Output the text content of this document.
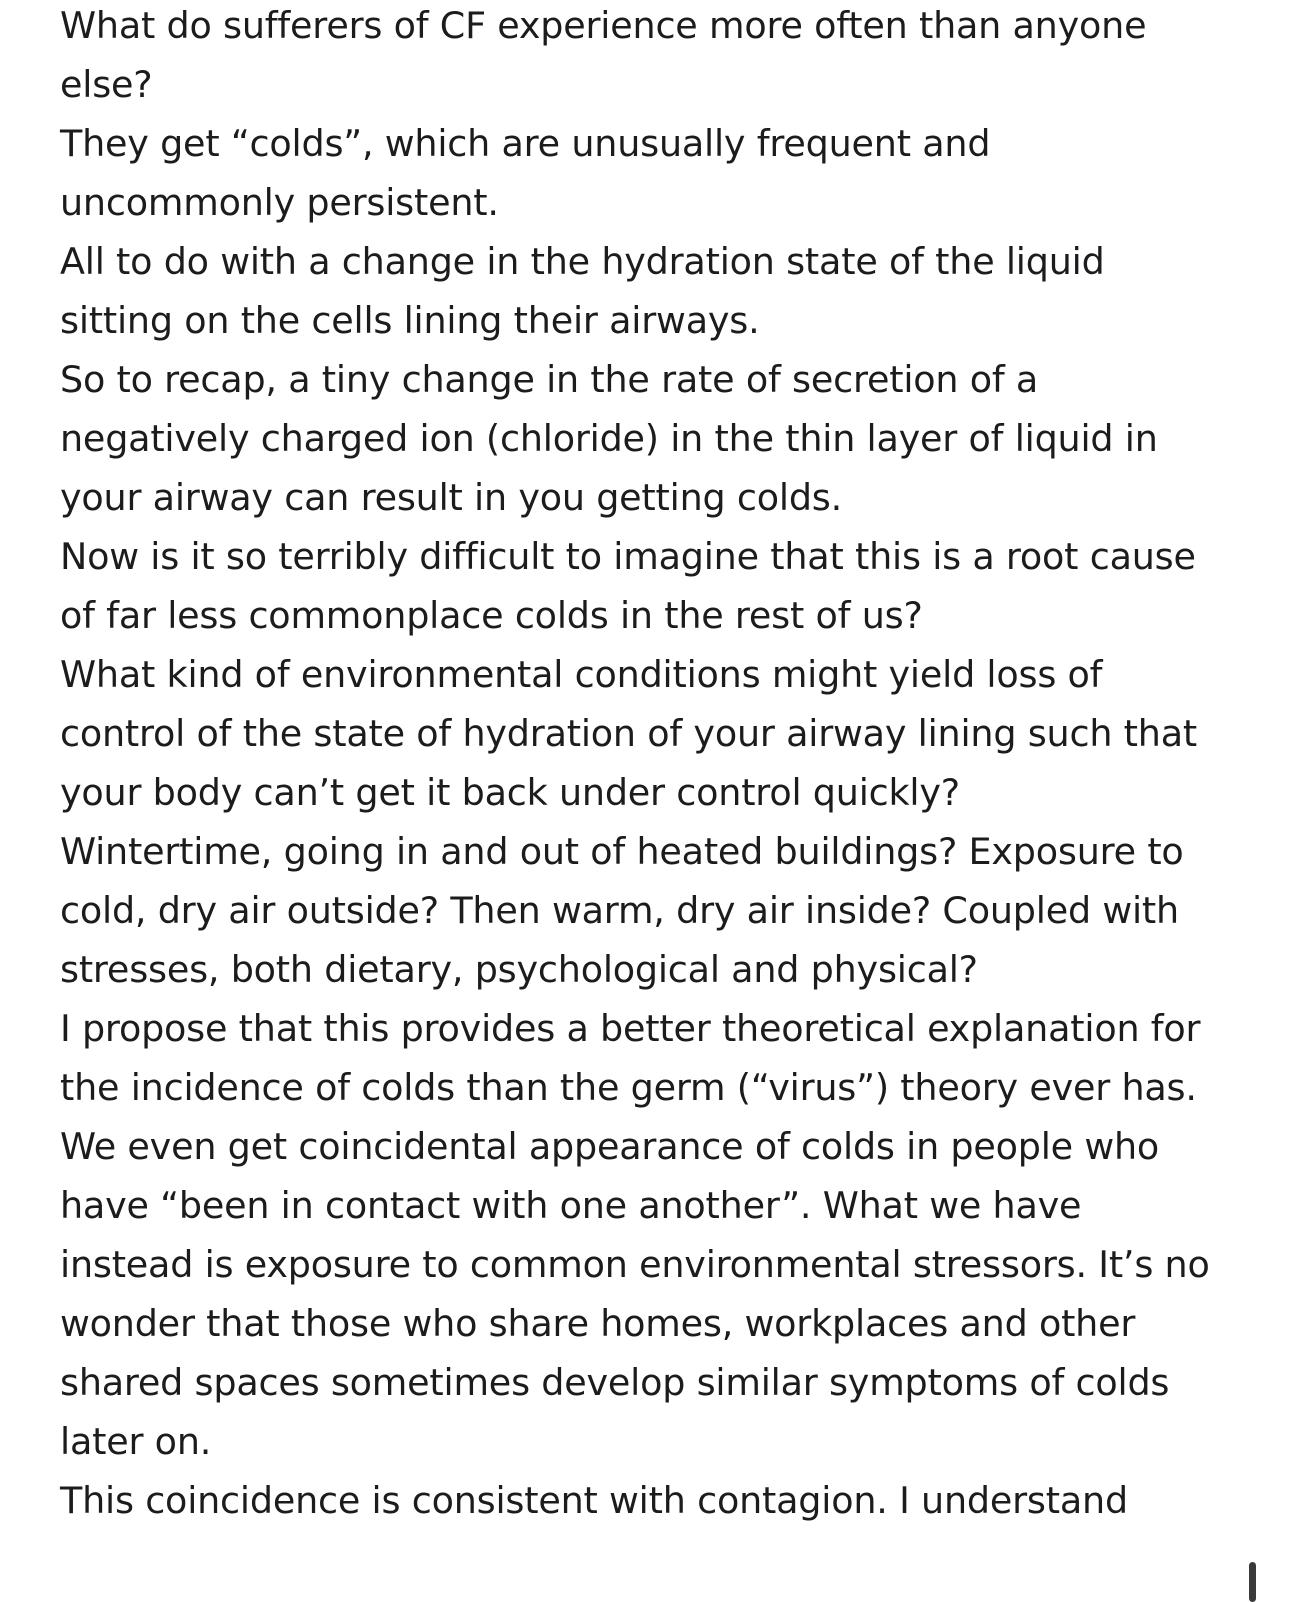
What do sufferers of CF experience more often than anyone else?

They get “colds”, which are unusually frequent and uncommonly persistent.

All to do with a change in the hydration state of the liquid sitting on the cells lining their airways.

So to recap, a tiny change in the rate of secretion of a negatively charged ion (chloride) in the thin layer of liquid in your airway can result in you getting colds.

Now is it so terribly difficult to imagine that this is a root cause of far less commonplace colds in the rest of us?

What kind of environmental conditions might yield loss of control of the state of hydration of your airway lining such that your body can’t get it back under control quickly?

Wintertime, going in and out of heated buildings? Exposure to cold, dry air outside? Then warm, dry air inside? Coupled with stresses, both dietary, psychological and physical?

I propose that this provides a better theoretical explanation for the incidence of colds than the germ (“virus”) theory ever has.

We even get coincidental appearance of colds in people who have “been in contact with one another”. What we have instead is exposure to common environmental stressors. It’s no wonder that those who share homes, workplaces and other shared spaces sometimes develop similar symptoms of colds later on.

This coincidence is consistent with contagion. I understand
